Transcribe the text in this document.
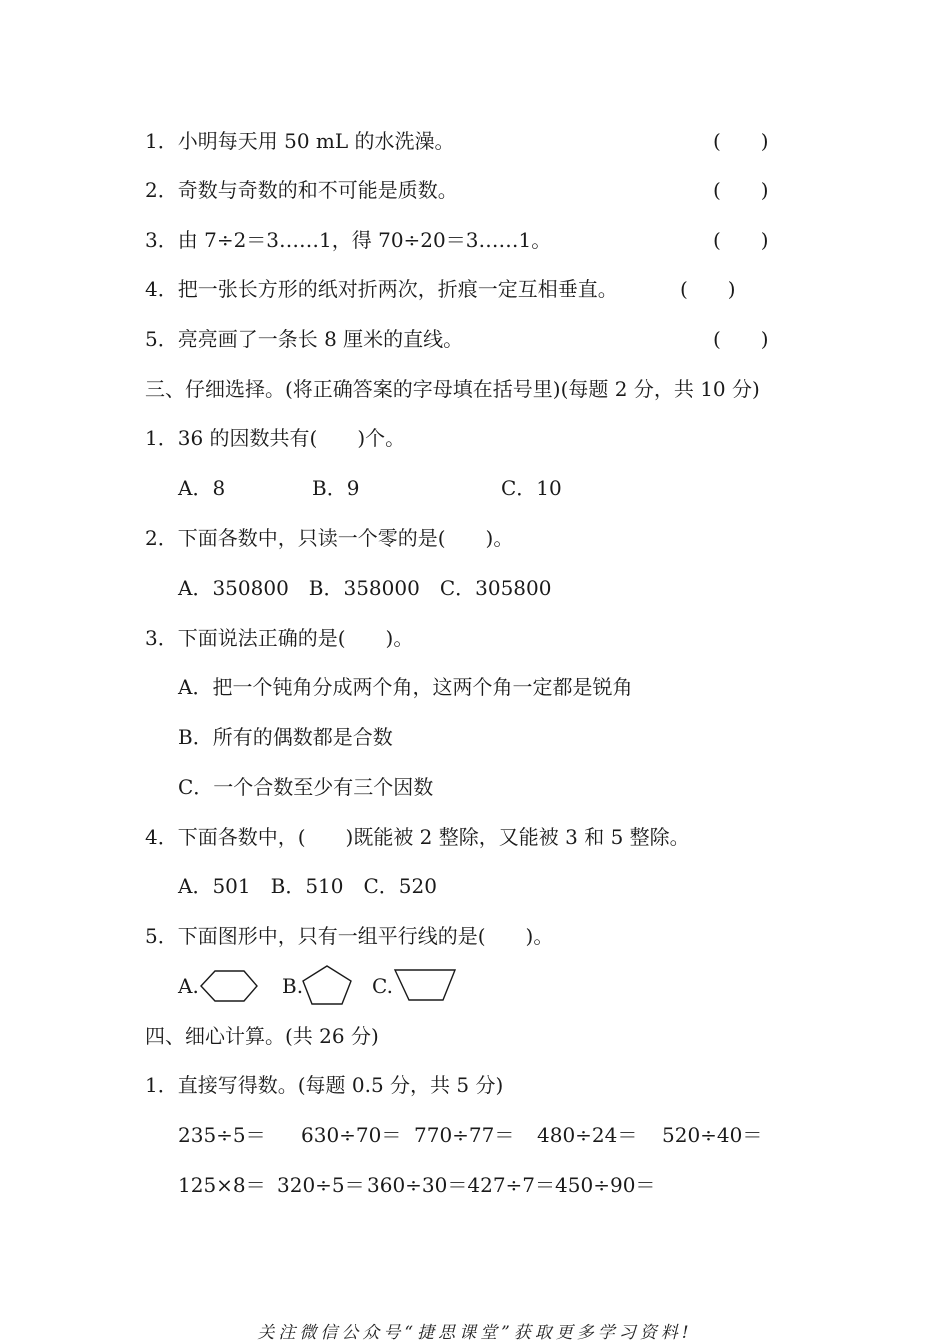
1．小明每天用 50 mL 的水洗澡。	(　　)
2．奇数与奇数的和不可能是质数。	(　　)
3．由 7÷2＝3……1，得 70÷20＝3……1。	(　　)
4．把一张长方形的纸对折两次，折痕一定互相垂直。	(　　)
5．亮亮画了一条长 8 厘米的直线。	(　　)
三、仔细选择。(将正确答案的字母填在括号里)(每题 2 分，共 10 分)
1．36 的因数共有(　　)个。
A．8	B．9	C．10
2．下面各数中，只读一个零的是(　　)。
A．350800　B．358000　C．305800
3．下面说法正确的是(　　)。
A．把一个钝角分成两个角，这两个角一定都是锐角
B．所有的偶数都是合数
C．一个合数至少有三个因数
4．下面各数中，(　　)既能被 2 整除，又能被 3 和 5 整除。
A．501　B．510　C．520
5．下面图形中，只有一组平行线的是(　　)。
A.	B.	C.
四、细心计算。(共 26 分)
1．直接写得数。(每题 0.5 分，共 5 分)
235÷5＝ 630÷70＝ 770÷77＝ 480÷24＝ 520÷40＝
125×8＝ 320÷5＝ 360÷30＝427÷7＝450÷90＝
关注微信公众号“捷思课堂”获取更多学习资料!
